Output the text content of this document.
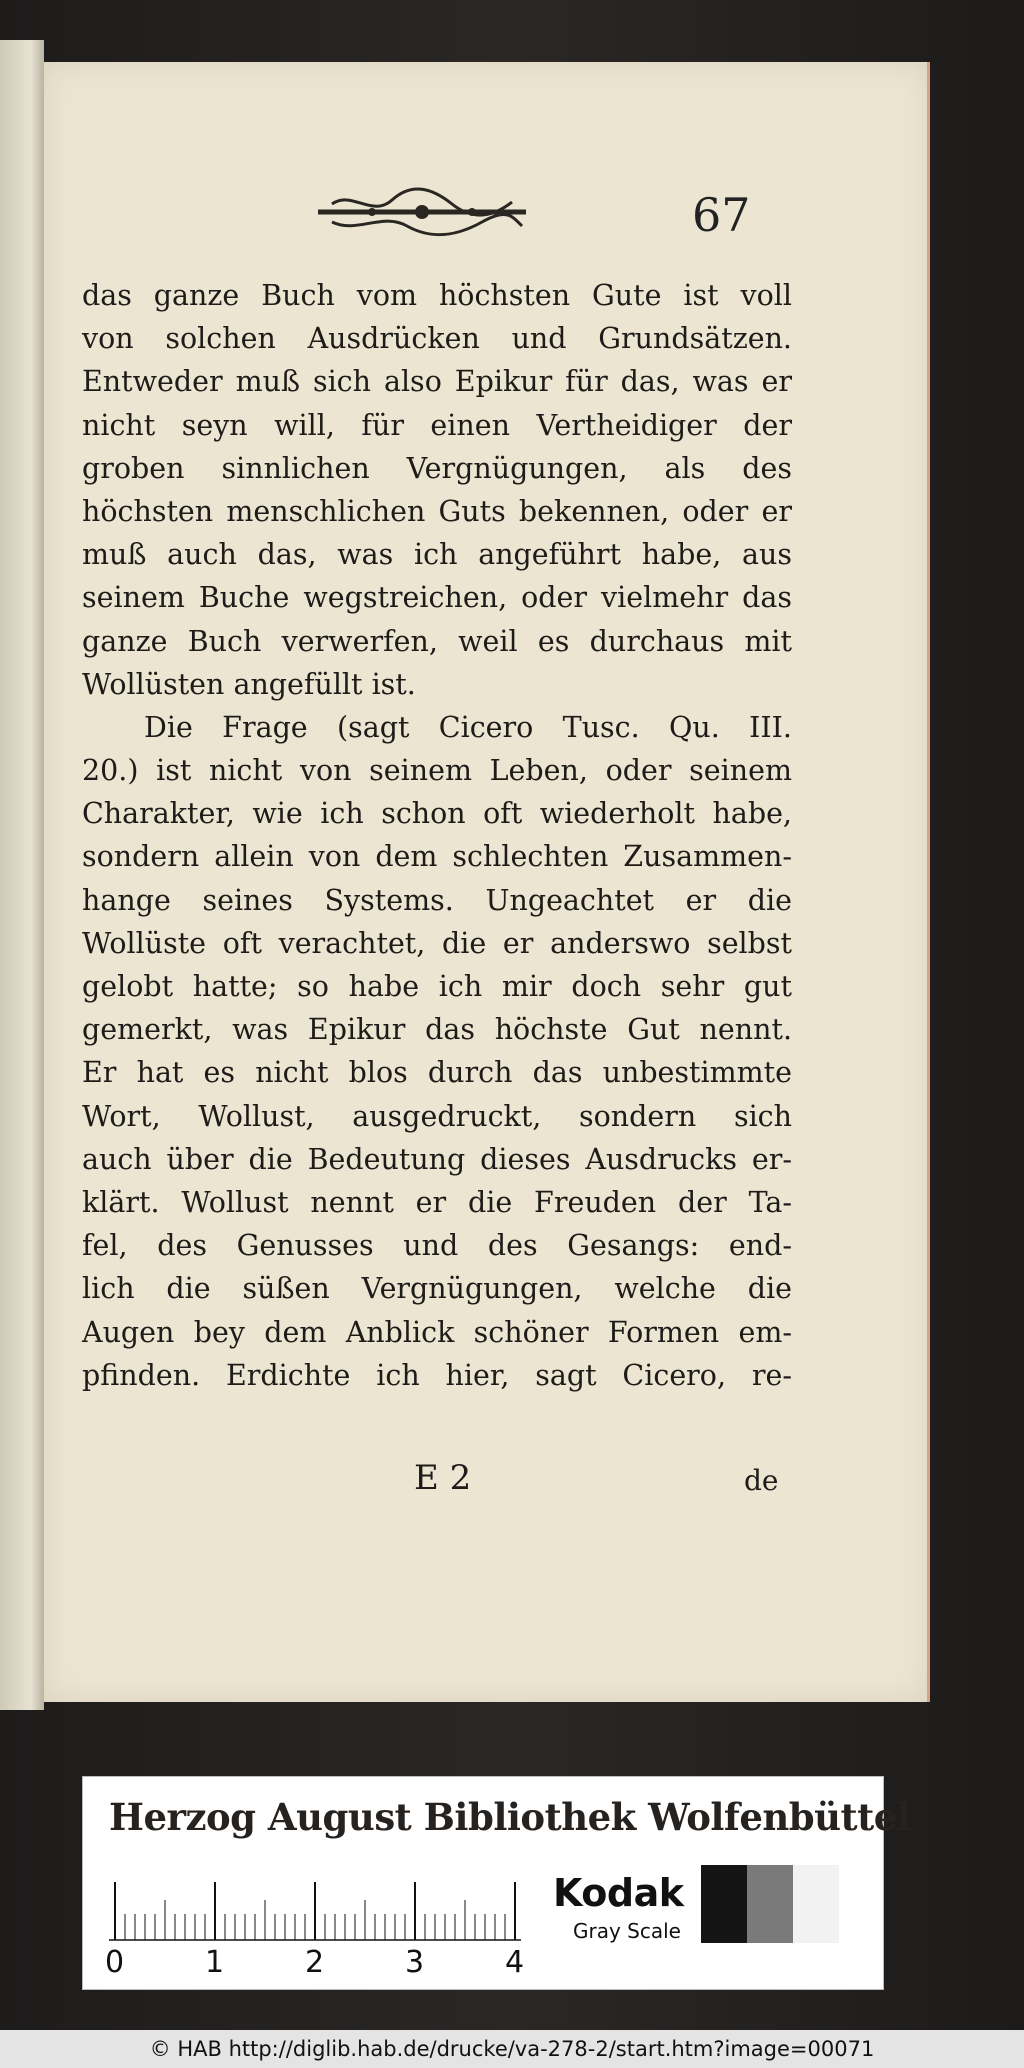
67
das ganze Buch vom höchsten Gute ist voll
von solchen Ausdrücken und Grundsätzen.
Entweder muß sich also Epikur für das, was er
nicht seyn will, für einen Vertheidiger der
groben sinnlichen Vergnügungen, als des
höchsten menschlichen Guts bekennen, oder er
muß auch das, was ich angeführt habe, aus
seinem Buche wegstreichen, oder vielmehr das
ganze Buch verwerfen, weil es durchaus mit
Wollüsten angefüllt ist.
Die Frage (sagt Cicero Tusc. Qu. III.
20.) ist nicht von seinem Leben, oder seinem
Charakter, wie ich schon oft wiederholt habe,
sondern allein von dem schlechten Zusammen-
hange seines Systems. Ungeachtet er die
Wollüste oft verachtet, die er anderswo selbst
gelobt hatte; so habe ich mir doch sehr gut
gemerkt, was Epikur das höchste Gut nennt.
Er hat es nicht blos durch das unbestimmte
Wort, Wollust, ausgedruckt, sondern sich
auch über die Bedeutung dieses Ausdrucks er-
klärt. Wollust nennt er die Freuden der Ta-
fel, des Genusses und des Gesangs: end-
lich die süßen Vergnügungen, welche die
Augen bey dem Anblick schöner Formen em-
pfinden. Erdichte ich hier, sagt Cicero, re-
E 2	de
Herzog August Bibliothek Wolfenbüttel
0	1	2	3	4
Kodak
Gray Scale
© HAB http://diglib.hab.de/drucke/va-278-2/start.htm?image=00071
